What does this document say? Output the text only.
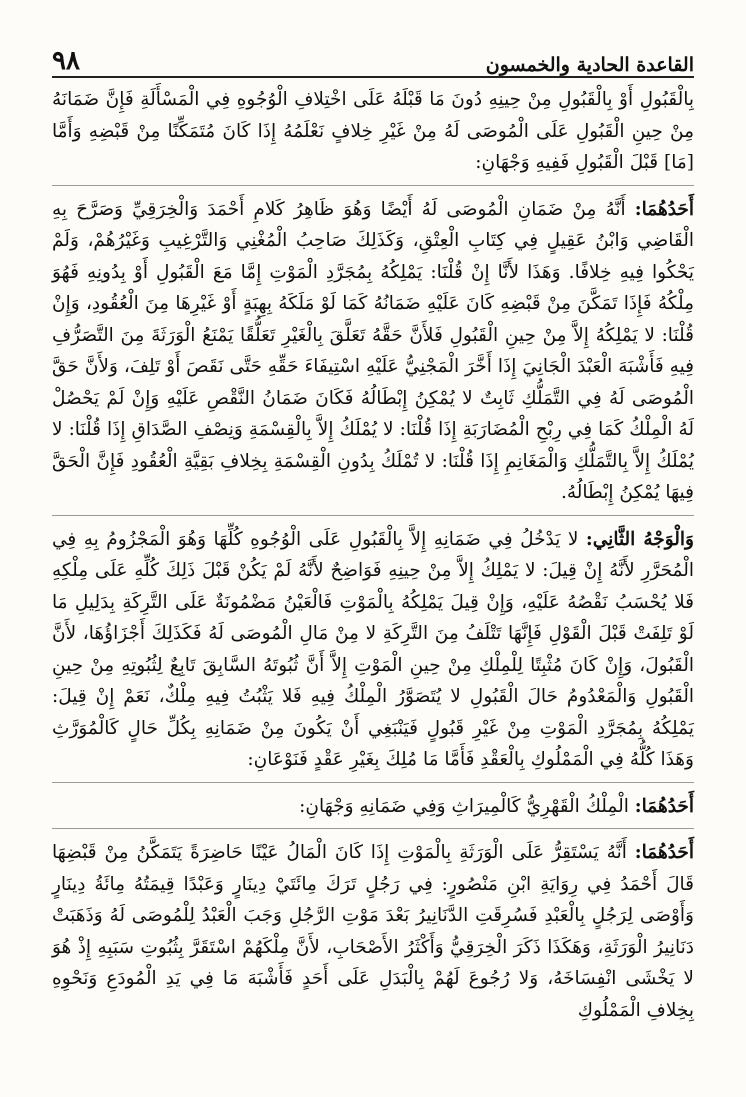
القاعدة الحادية والخمسون
٩٨

بِالْقَبُولِ أَوْ بِالْقَبُولِ مِنْ حِينِهِ دُونَ مَا قَبْلَهُ عَلَى اخْتِلافِ الْوُجُوهِ فِي الْمَسْأَلَةِ فَإِنَّ ضَمَانَهُ مِنْ حِينِ الْقَبُولِ عَلَى الْمُوصَى لَهُ مِنْ غَيْرِ خِلافٍ نَعْلَمُهُ إِذَا كَانَ مُتَمَكِّنًا مِنْ قَبْضِهِ وَأَمَّا [مَا] قَبْلَ الْقَبُولِ فَفِيهِ وَجْهَانِ:

أَحَدُهُمَا: أَنَّهُ مِنْ ضَمَانِ الْمُوصَى لَهُ أَيْضًا وَهُوَ ظَاهِرُ كَلامِ أَحْمَدَ وَالْخِرَقِيِّ وَصَرَّحَ بِهِ الْقَاضِي وَابْنُ عَقِيلٍ فِي كِتَابِ الْعِتْقِ، وَكَذَلِكَ صَاحِبُ الْمُغْنِي وَالتَّرْغِيبِ وَغَيْرُهُمْ، وَلَمْ يَحْكُوا فِيهِ خِلافًا. وَهَذَا لأَنَّا إِنْ قُلْنَا: يَمْلِكُهُ بِمُجَرَّدِ الْمَوْتِ إِمَّا مَعَ الْقَبُولِ أَوْ بِدُونِهِ فَهُوَ مِلْكُهُ فَإِذَا تَمَكَّنَ مِنْ قَبْضِهِ كَانَ عَلَيْهِ ضَمَانُهُ كَمَا لَوْ مَلَكَهُ بِهِبَةٍ أَوْ غَيْرِهَا مِنَ الْعُقُودِ، وَإِنْ قُلْنَا: لا يَمْلِكُهُ إِلاَّ مِنْ حِينِ الْقَبُولِ فَلأَنَّ حَقَّهُ تَعَلَّقَ بِالْغَيْرِ تَعَلُّقًا يَمْنَعُ الْوَرَثَةَ مِنَ التَّصَرُّفِ فِيهِ فَأَشْبَهَ الْعَبْدَ الْجَانِيَ إِذَا أَخَّرَ الْمَجْنِيُّ عَلَيْهِ اسْتِيفَاءَ حَقِّهِ حَتَّى نَقَصَ أَوْ تَلِفَ، وَلأَنَّ حَقَّ الْمُوصَى لَهُ فِي التَّمَلُّكِ ثَابِتٌ لا يُمْكِنُ إِبْطَالُهُ فَكَانَ ضَمَانُ النَّقْصِ عَلَيْهِ وَإِنْ لَمْ يَحْصُلْ لَهُ الْمِلْكُ كَمَا فِي رِبْحِ الْمُضَارَبَةِ إِذَا قُلْنَا: لا يُمْلَكُ إِلاَّ بِالْقِسْمَةِ وَنِصْفِ الصَّدَاقِ إِذَا قُلْنَا: لا يُمْلَكُ إِلاَّ بِالتَّمَلُّكِ وَالْمَغَانِمِ إِذَا قُلْنَا: لا تُمْلَكُ بِدُونِ الْقِسْمَةِ بِخِلافِ بَقِيَّةِ الْعُقُودِ فَإِنَّ الْحَقَّ فِيهَا يُمْكِنُ إِبْطَالُهُ.

وَالْوَجْهُ الثَّانِي: لا يَدْخُلُ فِي ضَمَانِهِ إِلاَّ بِالْقَبُولِ عَلَى الْوُجُوهِ كُلِّهَا وَهُوَ الْمَجْزُومُ بِهِ فِي الْمُحَرَّرِ لأَنَّهُ إِنْ قِيلَ: لا يَمْلِكُ إِلاَّ مِنْ حِينِهِ فَوَاضِحٌ لأَنَّهُ لَمْ يَكُنْ قَبْلَ ذَلِكَ كُلِّهِ عَلَى مِلْكِهِ فَلا يُحْسَبُ نَقْصُهُ عَلَيْهِ، وَإِنْ قِيلَ يَمْلِكُهُ بِالْمَوْتِ فَالْعَيْنُ مَضْمُونَةٌ عَلَى التَّرِكَةِ بِدَلِيلِ مَا لَوْ تَلِفَتْ قَبْلَ الْقَوْلِ فَإِنَّهَا تَتْلَفُ مِنَ التَّرِكَةِ لا مِنْ مَالِ الْمُوصَى لَهُ فَكَذَلِكَ أَجْزَاؤُهَا، لأَنَّ الْقَبُولَ، وَإِنْ كَانَ مُثْبِتًا لِلْمِلْكِ مِنْ حِينِ الْمَوْتِ إِلاَّ أَنَّ ثُبُوتَهُ السَّابِقَ تَابِعٌ لِثُبُوتِهِ مِنْ حِينِ الْقَبُولِ وَالْمَعْدُومُ حَالَ الْقَبُولِ لا يُتَصَوَّرُ الْمِلْكُ فِيهِ فَلا يَثْبُتُ فِيهِ مِلْكٌ، نَعَمْ إِنْ قِيلَ: يَمْلِكُهُ بِمُجَرَّدِ الْمَوْتِ مِنْ غَيْرِ قَبُولٍ فَيَنْبَغِي أَنْ يَكُونَ مِنْ ضَمَانِهِ بِكُلِّ حَالٍ كَالْمُوَرَّثِ وَهَذَا كُلُّهُ فِي الْمَمْلُوكِ بِالْعَقْدِ فَأَمَّا مَا مُلِكَ بِغَيْرِ عَقْدٍ فَنَوْعَانِ:

أَحَدُهُمَا: الْمِلْكُ الْقَهْرِيُّ كَالْمِيرَاثِ وَفِي ضَمَانِهِ وَجْهَانِ:

أَحَدُهُمَا: أَنَّهُ يَسْتَقِرُّ عَلَى الْوَرَثَةِ بِالْمَوْتِ إِذَا كَانَ الْمَالُ عَيْنًا حَاضِرَةً يَتَمَكَّنُ مِنْ قَبْضِهَا قَالَ أَحْمَدُ فِي رِوَايَةِ ابْنِ مَنْصُورٍ: فِي رَجُلٍ تَرَكَ مِائَتَيْ دِينَارٍ وَعَبْدًا قِيمَتُهُ مِائَةُ دِينَارٍ وَأَوْصَى لِرَجُلٍ بِالْعَبْدِ فَسُرِقَتِ الدَّنَانِيرُ بَعْدَ مَوْتِ الرَّجُلِ وَجَبَ الْعَبْدُ لِلْمُوصَى لَهُ وَذَهَبَتْ دَنَانِيرُ الْوَرَثَةِ، وَهَكَذَا ذَكَرَ الْخِرَقِيُّ وَأَكْثَرُ الأَصْحَابِ، لأَنَّ مِلْكَهُمْ اسْتَقَرَّ بِثُبُوتِ سَبَبِهِ إِذْ هُوَ لا يَخْشَى انْفِسَاخَهُ، وَلا رُجُوعَ لَهُمْ بِالْبَدَلِ عَلَى أَحَدٍ فَأَشْبَهَ مَا فِي يَدِ الْمُودَعِ وَنَحْوِهِ بِخِلافِ الْمَمْلُوكِ
